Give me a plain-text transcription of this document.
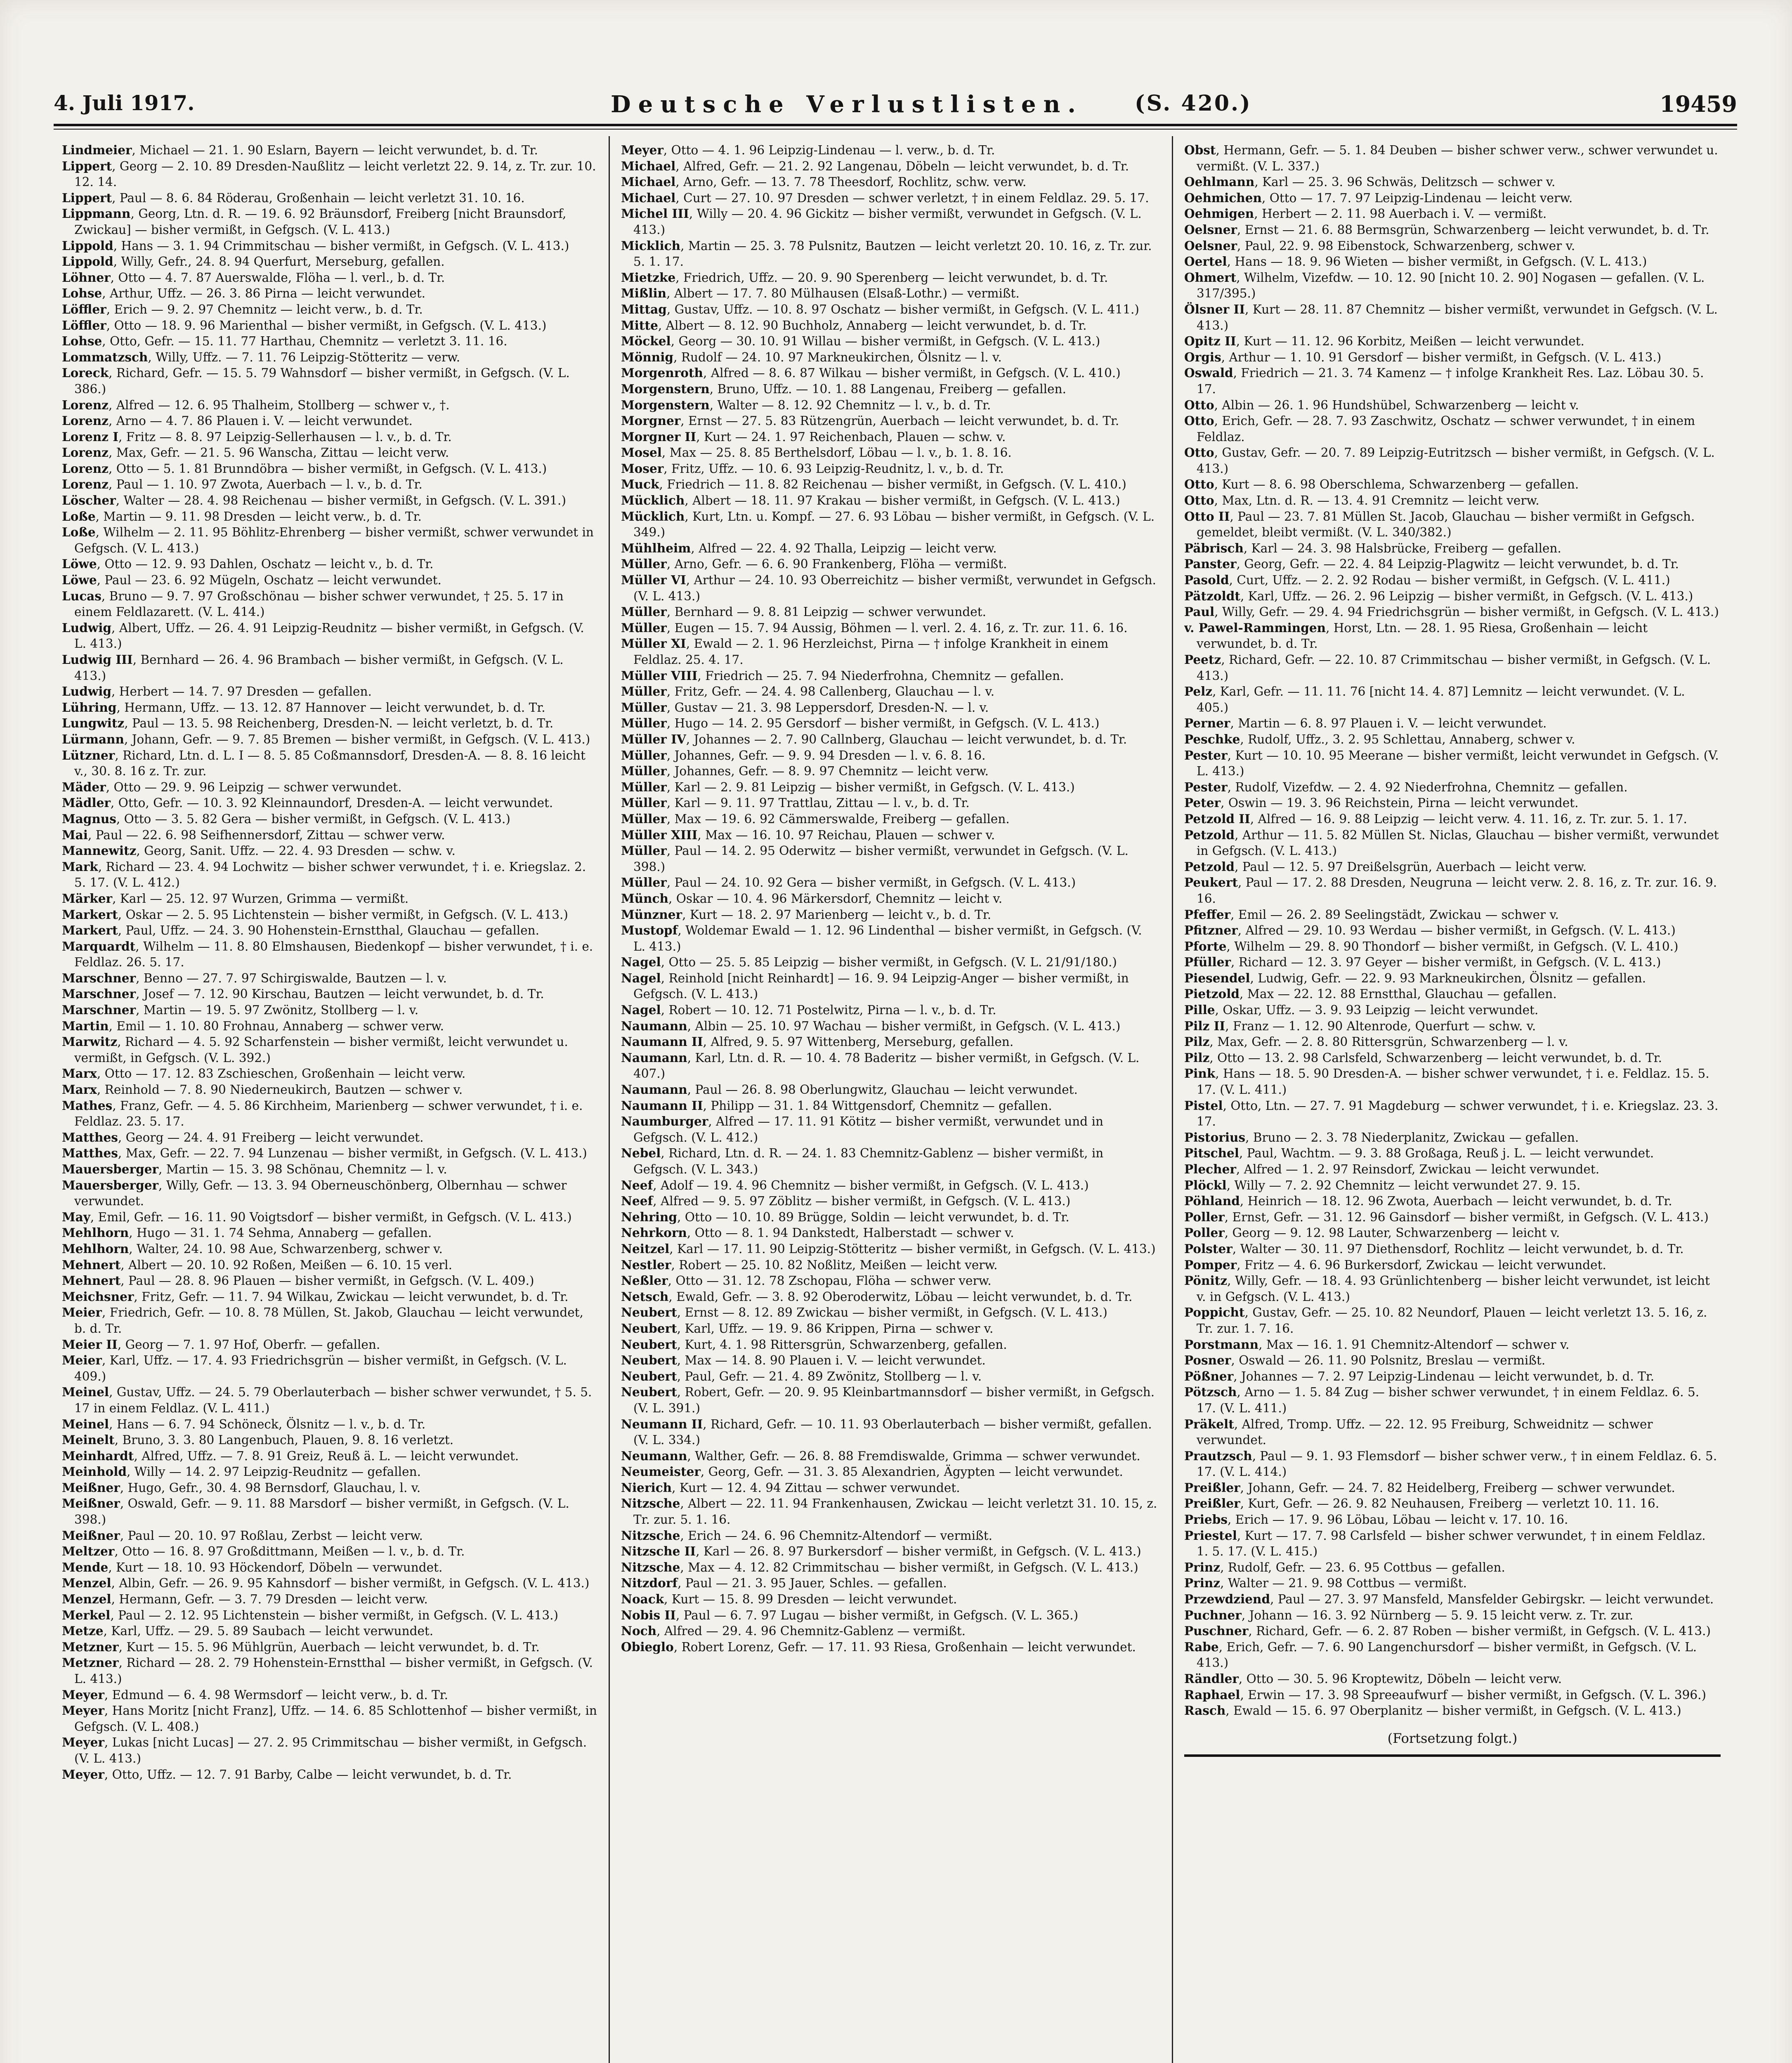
4. Juli 1917.	Deutsche Verlustlisten. (S. 420.)	19459

Lindmeier, Michael — 21. 1. 90 Eslarn, Bayern — leicht verwundet, b. d. Tr.

Lippert, Georg — 2. 10. 89 Dresden-Naußlitz — leicht verletzt 22. 9. 14, z. Tr. zur. 10. 12. 14.

Lippert, Paul — 8. 6. 84 Röderau, Großenhain — leicht verletzt 31. 10. 16.

Lippmann, Georg, Ltn. d. R. — 19. 6. 92 Bräunsdorf, Freiberg [nicht Braunsdorf, Zwickau] — bisher vermißt, in Gefgsch. (V. L. 413.)

Lippold, Hans — 3. 1. 94 Crimmitschau — bisher vermißt, in Gefgsch. (V. L. 413.)

Lippold, Willy, Gefr., 24. 8. 94 Querfurt, Merseburg, gefallen.

Löhner, Otto — 4. 7. 87 Auerswalde, Flöha — l. verl., b. d. Tr.

Lohse, Arthur, Uffz. — 26. 3. 86 Pirna — leicht verwundet.

Löffler, Erich — 9. 2. 97 Chemnitz — leicht verw., b. d. Tr.

Löffler, Otto — 18. 9. 96 Marienthal — bisher vermißt, in Gefgsch. (V. L. 413.)

Lohse, Otto, Gefr. — 15. 11. 77 Harthau, Chemnitz — verletzt 3. 11. 16.

Lommatzsch, Willy, Uffz. — 7. 11. 76 Leipzig-Stötteritz — verw.

Loreck, Richard, Gefr. — 15. 5. 79 Wahnsdorf — bisher vermißt, in Gefgsch. (V. L. 386.)

Lorenz, Alfred — 12. 6. 95 Thalheim, Stollberg — schwer v., †.

Lorenz, Arno — 4. 7. 86 Plauen i. V. — leicht verwundet.

Lorenz I, Fritz — 8. 8. 97 Leipzig-Sellerhausen — l. v., b. d. Tr.

Lorenz, Max, Gefr. — 21. 5. 96 Wanscha, Zittau — leicht verw.

Lorenz, Otto — 5. 1. 81 Brunndöbra — bisher vermißt, in Gefgsch. (V. L. 413.)

Lorenz, Paul — 1. 10. 97 Zwota, Auerbach — l. v., b. d. Tr.

Löscher, Walter — 28. 4. 98 Reichenau — bisher vermißt, in Gefgsch. (V. L. 391.)

Loße, Martin — 9. 11. 98 Dresden — leicht verw., b. d. Tr.

Loße, Wilhelm — 2. 11. 95 Böhlitz-Ehrenberg — bisher vermißt, schwer verwundet in Gefgsch. (V. L. 413.)

Löwe, Otto — 12. 9. 93 Dahlen, Oschatz — leicht v., b. d. Tr.

Löwe, Paul — 23. 6. 92 Mügeln, Oschatz — leicht verwundet.

Lucas, Bruno — 9. 7. 97 Großschönau — bisher schwer verwundet, † 25. 5. 17 in einem Feldlazarett. (V. L. 414.)

Ludwig, Albert, Uffz. — 26. 4. 91 Leipzig-Reudnitz — bisher vermißt, in Gefgsch. (V. L. 413.)

Ludwig III, Bernhard — 26. 4. 96 Brambach — bisher vermißt, in Gefgsch. (V. L. 413.)

Ludwig, Herbert — 14. 7. 97 Dresden — gefallen.

Lühring, Hermann, Uffz. — 13. 12. 87 Hannover — leicht verwundet, b. d. Tr.

Lungwitz, Paul — 13. 5. 98 Reichenberg, Dresden-N. — leicht verletzt, b. d. Tr.

Lürmann, Johann, Gefr. — 9. 7. 85 Bremen — bisher vermißt, in Gefgsch. (V. L. 413.)

Lützner, Richard, Ltn. d. L. I — 8. 5. 85 Coßmannsdorf, Dresden-A. — 8. 8. 16 leicht v., 30. 8. 16 z. Tr. zur.

Mäder, Otto — 29. 9. 96 Leipzig — schwer verwundet.

Mädler, Otto, Gefr. — 10. 3. 92 Kleinnaundorf, Dresden-A. — leicht verwundet.

Magnus, Otto — 3. 5. 82 Gera — bisher vermißt, in Gefgsch. (V. L. 413.)

Mai, Paul — 22. 6. 98 Seifhennersdorf, Zittau — schwer verw.

Mannewitz, Georg, Sanit. Uffz. — 22. 4. 93 Dresden — schw. v.

Mark, Richard — 23. 4. 94 Lochwitz — bisher schwer verwundet, † i. e. Kriegslaz. 2. 5. 17. (V. L. 412.)

Märker, Karl — 25. 12. 97 Wurzen, Grimma — vermißt.

Markert, Oskar — 2. 5. 95 Lichtenstein — bisher vermißt, in Gefgsch. (V. L. 413.)

Markert, Paul, Uffz. — 24. 3. 90 Hohenstein-Ernstthal, Glauchau — gefallen.

Marquardt, Wilhelm — 11. 8. 80 Elmshausen, Biedenkopf — bisher verwundet, † i. e. Feldlaz. 26. 5. 17.

Marschner, Benno — 27. 7. 97 Schirgiswalde, Bautzen — l. v.

Marschner, Josef — 7. 12. 90 Kirschau, Bautzen — leicht verwundet, b. d. Tr.

Marschner, Martin — 19. 5. 97 Zwönitz, Stollberg — l. v.

Martin, Emil — 1. 10. 80 Frohnau, Annaberg — schwer verw.

Marwitz, Richard — 4. 5. 92 Scharfenstein — bisher vermißt, leicht verwundet u. vermißt, in Gefgsch. (V. L. 392.)

Marx, Otto — 17. 12. 83 Zschieschen, Großenhain — leicht verw.

Marx, Reinhold — 7. 8. 90 Niederneukirch, Bautzen — schwer v.

Mathes, Franz, Gefr. — 4. 5. 86 Kirchheim, Marienberg — schwer verwundet, † i. e. Feldlaz. 23. 5. 17.

Matthes, Georg — 24. 4. 91 Freiberg — leicht verwundet.

Matthes, Max, Gefr. — 22. 7. 94 Lunzenau — bisher vermißt, in Gefgsch. (V. L. 413.)

Mauersberger, Martin — 15. 3. 98 Schönau, Chemnitz — l. v.

Mauersberger, Willy, Gefr. — 13. 3. 94 Oberneuschönberg, Olbernhau — schwer verwundet.

May, Emil, Gefr. — 16. 11. 90 Voigtsdorf — bisher vermißt, in Gefgsch. (V. L. 413.)

Mehlhorn, Hugo — 31. 1. 74 Sehma, Annaberg — gefallen.

Mehlhorn, Walter, 24. 10. 98 Aue, Schwarzenberg, schwer v.

Mehnert, Albert — 20. 10. 92 Roßen, Meißen — 6. 10. 15 verl.

Mehnert, Paul — 28. 8. 96 Plauen — bisher vermißt, in Gefgsch. (V. L. 409.)

Meichsner, Fritz, Gefr. — 11. 7. 94 Wilkau, Zwickau — leicht verwundet, b. d. Tr.

Meier, Friedrich, Gefr. — 10. 8. 78 Müllen, St. Jakob, Glauchau — leicht verwundet, b. d. Tr.

Meier II, Georg — 7. 1. 97 Hof, Oberfr. — gefallen.

Meier, Karl, Uffz. — 17. 4. 93 Friedrichsgrün — bisher vermißt, in Gefgsch. (V. L. 409.)

Meinel, Gustav, Uffz. — 24. 5. 79 Oberlauterbach — bisher schwer verwundet, † 5. 5. 17 in einem Feldlaz. (V. L. 411.)

Meinel, Hans — 6. 7. 94 Schöneck, Ölsnitz — l. v., b. d. Tr.

Meinelt, Bruno, 3. 3. 80 Langenbuch, Plauen, 9. 8. 16 verletzt.

Meinhardt, Alfred, Uffz. — 7. 8. 91 Greiz, Reuß ä. L. — leicht verwundet.

Meinhold, Willy — 14. 2. 97 Leipzig-Reudnitz — gefallen.

Meißner, Hugo, Gefr., 30. 4. 98 Bernsdorf, Glauchau, l. v.

Meißner, Oswald, Gefr. — 9. 11. 88 Marsdorf — bisher vermißt, in Gefgsch. (V. L. 398.)

Meißner, Paul — 20. 10. 97 Roßlau, Zerbst — leicht verw.

Meltzer, Otto — 16. 8. 97 Großdittmann, Meißen — l. v., b. d. Tr.

Mende, Kurt — 18. 10. 93 Höckendorf, Döbeln — verwundet.

Menzel, Albin, Gefr. — 26. 9. 95 Kahnsdorf — bisher vermißt, in Gefgsch. (V. L. 413.)

Menzel, Hermann, Gefr. — 3. 7. 79 Dresden — leicht verw.

Merkel, Paul — 2. 12. 95 Lichtenstein — bisher vermißt, in Gefgsch. (V. L. 413.)

Metze, Karl, Uffz. — 29. 5. 89 Saubach — leicht verwundet.

Metzner, Kurt — 15. 5. 96 Mühlgrün, Auerbach — leicht verwundet, b. d. Tr.

Metzner, Richard — 28. 2. 79 Hohenstein-Ernstthal — bisher vermißt, in Gefgsch. (V. L. 413.)

Meyer, Edmund — 6. 4. 98 Wermsdorf — leicht verw., b. d. Tr.

Meyer, Hans Moritz [nicht Franz], Uffz. — 14. 6. 85 Schlottenhof — bisher vermißt, in Gefgsch. (V. L. 408.)

Meyer, Lukas [nicht Lucas] — 27. 2. 95 Crimmitschau — bisher vermißt, in Gefgsch. (V. L. 413.)

Meyer, Otto, Uffz. — 12. 7. 91 Barby, Calbe — leicht verwundet, b. d. Tr.

Meyer, Otto — 4. 1. 96 Leipzig-Lindenau — l. verw., b. d. Tr.

Michael, Alfred, Gefr. — 21. 2. 92 Langenau, Döbeln — leicht verwundet, b. d. Tr.

Michael, Arno, Gefr. — 13. 7. 78 Theesdorf, Rochlitz, schw. verw.

Michael, Curt — 27. 10. 97 Dresden — schwer verletzt, † in einem Feldlaz. 29. 5. 17.

Michel III, Willy — 20. 4. 96 Gickitz — bisher vermißt, verwundet in Gefgsch. (V. L. 413.)

Micklich, Martin — 25. 3. 78 Pulsnitz, Bautzen — leicht verletzt 20. 10. 16, z. Tr. zur. 5. 1. 17.

Mietzke, Friedrich, Uffz. — 20. 9. 90 Sperenberg — leicht verwundet, b. d. Tr.

Mißlin, Albert — 17. 7. 80 Mülhausen (Elsaß-Lothr.) — vermißt.

Mittag, Gustav, Uffz. — 10. 8. 97 Oschatz — bisher vermißt, in Gefgsch. (V. L. 411.)

Mitte, Albert — 8. 12. 90 Buchholz, Annaberg — leicht verwundet, b. d. Tr.

Möckel, Georg — 30. 10. 91 Willau — bisher vermißt, in Gefgsch. (V. L. 413.)

Mönnig, Rudolf — 24. 10. 97 Markneukirchen, Ölsnitz — l. v.

Morgenroth, Alfred — 8. 6. 87 Wilkau — bisher vermißt, in Gefgsch. (V. L. 410.)

Morgenstern, Bruno, Uffz. — 10. 1. 88 Langenau, Freiberg — gefallen.

Morgenstern, Walter — 8. 12. 92 Chemnitz — l. v., b. d. Tr.

Morgner, Ernst — 27. 5. 83 Rützengrün, Auerbach — leicht verwundet, b. d. Tr.

Morgner II, Kurt — 24. 1. 97 Reichenbach, Plauen — schw. v.

Mosel, Max — 25. 8. 85 Berthelsdorf, Löbau — l. v., b. 1. 8. 16.

Moser, Fritz, Uffz. — 10. 6. 93 Leipzig-Reudnitz, l. v., b. d. Tr.

Muck, Friedrich — 11. 8. 82 Reichenau — bisher vermißt, in Gefgsch. (V. L. 410.)

Mücklich, Albert — 18. 11. 97 Krakau — bisher vermißt, in Gefgsch. (V. L. 413.)

Mücklich, Kurt, Ltn. u. Kompf. — 27. 6. 93 Löbau — bisher vermißt, in Gefgsch. (V. L. 349.)

Mühlheim, Alfred — 22. 4. 92 Thalla, Leipzig — leicht verw.

Müller, Arno, Gefr. — 6. 6. 90 Frankenberg, Flöha — vermißt.

Müller VI, Arthur — 24. 10. 93 Oberreichitz — bisher vermißt, verwundet in Gefgsch. (V. L. 413.)

Müller, Bernhard — 9. 8. 81 Leipzig — schwer verwundet.

Müller, Eugen — 15. 7. 94 Aussig, Böhmen — l. verl. 2. 4. 16, z. Tr. zur. 11. 6. 16.

Müller XI, Ewald — 2. 1. 96 Herzleichst, Pirna — † infolge Krankheit in einem Feldlaz. 25. 4. 17.

Müller VIII, Friedrich — 25. 7. 94 Niederfrohna, Chemnitz — gefallen.

Müller, Fritz, Gefr. — 24. 4. 98 Callenberg, Glauchau — l. v.

Müller, Gustav — 21. 3. 98 Leppersdorf, Dresden-N. — l. v.

Müller, Hugo — 14. 2. 95 Gersdorf — bisher vermißt, in Gefgsch. (V. L. 413.)

Müller IV, Johannes — 2. 7. 90 Callnberg, Glauchau — leicht verwundet, b. d. Tr.

Müller, Johannes, Gefr. — 9. 9. 94 Dresden — l. v. 6. 8. 16.

Müller, Johannes, Gefr. — 8. 9. 97 Chemnitz — leicht verw.

Müller, Karl — 2. 9. 81 Leipzig — bisher vermißt, in Gefgsch. (V. L. 413.)

Müller, Karl — 9. 11. 97 Trattlau, Zittau — l. v., b. d. Tr.

Müller, Max — 19. 6. 92 Cämmerswalde, Freiberg — gefallen.

Müller XIII, Max — 16. 10. 97 Reichau, Plauen — schwer v.

Müller, Paul — 14. 2. 95 Oderwitz — bisher vermißt, verwundet in Gefgsch. (V. L. 398.)

Müller, Paul — 24. 10. 92 Gera — bisher vermißt, in Gefgsch. (V. L. 413.)

Münch, Oskar — 10. 4. 96 Märkersdorf, Chemnitz — leicht v.

Münzner, Kurt — 18. 2. 97 Marienberg — leicht v., b. d. Tr.

Mustopf, Woldemar Ewald — 1. 12. 96 Lindenthal — bisher vermißt, in Gefgsch. (V. L. 413.)

Nagel, Otto — 25. 5. 85 Leipzig — bisher vermißt, in Gefgsch. (V. L. 21/91/180.)

Nagel, Reinhold [nicht Reinhardt] — 16. 9. 94 Leipzig-Anger — bisher vermißt, in Gefgsch. (V. L. 413.)

Nagel, Robert — 10. 12. 71 Postelwitz, Pirna — l. v., b. d. Tr.

Naumann, Albin — 25. 10. 97 Wachau — bisher vermißt, in Gefgsch. (V. L. 413.)

Naumann II, Alfred, 9. 5. 97 Wittenberg, Merseburg, gefallen.

Naumann, Karl, Ltn. d. R. — 10. 4. 78 Baderitz — bisher vermißt, in Gefgsch. (V. L. 407.)

Naumann, Paul — 26. 8. 98 Oberlungwitz, Glauchau — leicht verwundet.

Naumann II, Philipp — 31. 1. 84 Wittgensdorf, Chemnitz — gefallen.

Naumburger, Alfred — 17. 11. 91 Kötitz — bisher vermißt, verwundet und in Gefgsch. (V. L. 412.)

Nebel, Richard, Ltn. d. R. — 24. 1. 83 Chemnitz-Gablenz — bisher vermißt, in Gefgsch. (V. L. 343.)

Neef, Adolf — 19. 4. 96 Chemnitz — bisher vermißt, in Gefgsch. (V. L. 413.)

Neef, Alfred — 9. 5. 97 Zöblitz — bisher vermißt, in Gefgsch. (V. L. 413.)

Nehring, Otto — 10. 10. 89 Brügge, Soldin — leicht verwundet, b. d. Tr.

Nehrkorn, Otto — 8. 1. 94 Dankstedt, Halberstadt — schwer v.

Neitzel, Karl — 17. 11. 90 Leipzig-Stötteritz — bisher vermißt, in Gefgsch. (V. L. 413.)

Nestler, Robert — 25. 10. 82 Noßlitz, Meißen — leicht verw.

Neßler, Otto — 31. 12. 78 Zschopau, Flöha — schwer verw.

Netsch, Ewald, Gefr. — 3. 8. 92 Oberoderwitz, Löbau — leicht verwundet, b. d. Tr.

Neubert, Ernst — 8. 12. 89 Zwickau — bisher vermißt, in Gefgsch. (V. L. 413.)

Neubert, Karl, Uffz. — 19. 9. 86 Krippen, Pirna — schwer v.

Neubert, Kurt, 4. 1. 98 Rittersgrün, Schwarzenberg, gefallen.

Neubert, Max — 14. 8. 90 Plauen i. V. — leicht verwundet.

Neubert, Paul, Gefr. — 21. 4. 89 Zwönitz, Stollberg — l. v.

Neubert, Robert, Gefr. — 20. 9. 95 Kleinbartmannsdorf — bisher vermißt, in Gefgsch. (V. L. 391.)

Neumann II, Richard, Gefr. — 10. 11. 93 Oberlauterbach — bisher vermißt, gefallen. (V. L. 334.)

Neumann, Walther, Gefr. — 26. 8. 88 Fremdiswalde, Grimma — schwer verwundet.

Neumeister, Georg, Gefr. — 31. 3. 85 Alexandrien, Ägypten — leicht verwundet.

Nierich, Kurt — 12. 4. 94 Zittau — schwer verwundet.

Nitzsche, Albert — 22. 11. 94 Frankenhausen, Zwickau — leicht verletzt 31. 10. 15, z. Tr. zur. 5. 1. 16.

Nitzsche, Erich — 24. 6. 96 Chemnitz-Altendorf — vermißt.

Nitzsche II, Karl — 26. 8. 97 Burkersdorf — bisher vermißt, in Gefgsch. (V. L. 413.)

Nitzsche, Max — 4. 12. 82 Crimmitschau — bisher vermißt, in Gefgsch. (V. L. 413.)

Nitzdorf, Paul — 21. 3. 95 Jauer, Schles. — gefallen.

Noack, Kurt — 15. 8. 99 Dresden — leicht verwundet.

Nobis II, Paul — 6. 7. 97 Lugau — bisher vermißt, in Gefgsch. (V. L. 365.)

Noch, Alfred — 29. 4. 96 Chemnitz-Gablenz — vermißt.

Obieglo, Robert Lorenz, Gefr. — 17. 11. 93 Riesa, Großenhain — leicht verwundet.

Obst, Hermann, Gefr. — 5. 1. 84 Deuben — bisher schwer verw., schwer verwundet u. vermißt. (V. L. 337.)

Oehlmann, Karl — 25. 3. 96 Schwäs, Delitzsch — schwer v.

Oehmichen, Otto — 17. 7. 97 Leipzig-Lindenau — leicht verw.

Oehmigen, Herbert — 2. 11. 98 Auerbach i. V. — vermißt.

Oelsner, Ernst — 21. 6. 88 Bermsgrün, Schwarzenberg — leicht verwundet, b. d. Tr.

Oelsner, Paul, 22. 9. 98 Eibenstock, Schwarzenberg, schwer v.

Oertel, Hans — 18. 9. 96 Wieten — bisher vermißt, in Gefgsch. (V. L. 413.)

Ohmert, Wilhelm, Vizefdw. — 10. 12. 90 [nicht 10. 2. 90] Nogasen — gefallen. (V. L. 317/395.)

Ölsner II, Kurt — 28. 11. 87 Chemnitz — bisher vermißt, verwundet in Gefgsch. (V. L. 413.)

Opitz II, Kurt — 11. 12. 96 Korbitz, Meißen — leicht verwundet.

Orgis, Arthur — 1. 10. 91 Gersdorf — bisher vermißt, in Gefgsch. (V. L. 413.)

Oswald, Friedrich — 21. 3. 74 Kamenz — † infolge Krankheit Res. Laz. Löbau 30. 5. 17.

Otto, Albin — 26. 1. 96 Hundshübel, Schwarzenberg — leicht v.

Otto, Erich, Gefr. — 28. 7. 93 Zaschwitz, Oschatz — schwer verwundet, † in einem Feldlaz.

Otto, Gustav, Gefr. — 20. 7. 89 Leipzig-Eutritzsch — bisher vermißt, in Gefgsch. (V. L. 413.)

Otto, Kurt — 8. 6. 98 Oberschlema, Schwarzenberg — gefallen.

Otto, Max, Ltn. d. R. — 13. 4. 91 Cremnitz — leicht verw.

Otto II, Paul — 23. 7. 81 Müllen St. Jacob, Glauchau — bisher vermißt in Gefgsch. gemeldet, bleibt vermißt. (V. L. 340/382.)

Päbrisch, Karl — 24. 3. 98 Halsbrücke, Freiberg — gefallen.

Panster, Georg, Gefr. — 22. 4. 84 Leipzig-Plagwitz — leicht verwundet, b. d. Tr.

Pasold, Curt, Uffz. — 2. 2. 92 Rodau — bisher vermißt, in Gefgsch. (V. L. 411.)

Pätzoldt, Karl, Uffz. — 26. 2. 96 Leipzig — bisher vermißt, in Gefgsch. (V. L. 413.)

Paul, Willy, Gefr. — 29. 4. 94 Friedrichsgrün — bisher vermißt, in Gefgsch. (V. L. 413.)

v. Pawel-Rammingen, Horst, Ltn. — 28. 1. 95 Riesa, Großenhain — leicht verwundet, b. d. Tr.

Peetz, Richard, Gefr. — 22. 10. 87 Crimmitschau — bisher vermißt, in Gefgsch. (V. L. 413.)

Pelz, Karl, Gefr. — 11. 11. 76 [nicht 14. 4. 87] Lemnitz — leicht verwundet. (V. L. 405.)

Perner, Martin — 6. 8. 97 Plauen i. V. — leicht verwundet.

Peschke, Rudolf, Uffz., 3. 2. 95 Schlettau, Annaberg, schwer v.

Pester, Kurt — 10. 10. 95 Meerane — bisher vermißt, leicht verwundet in Gefgsch. (V. L. 413.)

Pester, Rudolf, Vizefdw. — 2. 4. 92 Niederfrohna, Chemnitz — gefallen.

Peter, Oswin — 19. 3. 96 Reichstein, Pirna — leicht verwundet.

Petzold II, Alfred — 16. 9. 88 Leipzig — leicht verw. 4. 11. 16, z. Tr. zur. 5. 1. 17.

Petzold, Arthur — 11. 5. 82 Müllen St. Niclas, Glauchau — bisher vermißt, verwundet in Gefgsch. (V. L. 413.)

Petzold, Paul — 12. 5. 97 Dreißelsgrün, Auerbach — leicht verw.

Peukert, Paul — 17. 2. 88 Dresden, Neugruna — leicht verw. 2. 8. 16, z. Tr. zur. 16. 9. 16.

Pfeffer, Emil — 26. 2. 89 Seelingstädt, Zwickau — schwer v.

Pfitzner, Alfred — 29. 10. 93 Werdau — bisher vermißt, in Gefgsch. (V. L. 413.)

Pforte, Wilhelm — 29. 8. 90 Thondorf — bisher vermißt, in Gefgsch. (V. L. 410.)

Pfüller, Richard — 12. 3. 97 Geyer — bisher vermißt, in Gefgsch. (V. L. 413.)

Piesendel, Ludwig, Gefr. — 22. 9. 93 Markneukirchen, Ölsnitz — gefallen.

Pietzold, Max — 22. 12. 88 Ernstthal, Glauchau — gefallen.

Pille, Oskar, Uffz. — 3. 9. 93 Leipzig — leicht verwundet.

Pilz II, Franz — 1. 12. 90 Altenrode, Querfurt — schw. v.

Pilz, Max, Gefr. — 2. 8. 80 Rittersgrün, Schwarzenberg — l. v.

Pilz, Otto — 13. 2. 98 Carlsfeld, Schwarzenberg — leicht verwundet, b. d. Tr.

Pink, Hans — 18. 5. 90 Dresden-A. — bisher schwer verwundet, † i. e. Feldlaz. 15. 5. 17. (V. L. 411.)

Pistel, Otto, Ltn. — 27. 7. 91 Magdeburg — schwer verwundet, † i. e. Kriegslaz. 23. 3. 17.

Pistorius, Bruno — 2. 3. 78 Niederplanitz, Zwickau — gefallen.

Pitschel, Paul, Wachtm. — 9. 3. 88 Großaga, Reuß j. L. — leicht verwundet.

Plecher, Alfred — 1. 2. 97 Reinsdorf, Zwickau — leicht verwundet.

Plöckl, Willy — 7. 2. 92 Chemnitz — leicht verwundet 27. 9. 15.

Pöhland, Heinrich — 18. 12. 96 Zwota, Auerbach — leicht verwundet, b. d. Tr.

Poller, Ernst, Gefr. — 31. 12. 96 Gainsdorf — bisher vermißt, in Gefgsch. (V. L. 413.)

Poller, Georg — 9. 12. 98 Lauter, Schwarzenberg — leicht v.

Polster, Walter — 30. 11. 97 Diethensdorf, Rochlitz — leicht verwundet, b. d. Tr.

Pomper, Fritz — 4. 6. 96 Burkersdorf, Zwickau — leicht verwundet.

Pönitz, Willy, Gefr. — 18. 4. 93 Grünlichtenberg — bisher leicht verwundet, ist leicht v. in Gefgsch. (V. L. 413.)

Poppicht, Gustav, Gefr. — 25. 10. 82 Neundorf, Plauen — leicht verletzt 13. 5. 16, z. Tr. zur. 1. 7. 16.

Porstmann, Max — 16. 1. 91 Chemnitz-Altendorf — schwer v.

Posner, Oswald — 26. 11. 90 Polsnitz, Breslau — vermißt.

Pößner, Johannes — 7. 2. 97 Leipzig-Lindenau — leicht verwundet, b. d. Tr.

Pötzsch, Arno — 1. 5. 84 Zug — bisher schwer verwundet, † in einem Feldlaz. 6. 5. 17. (V. L. 411.)

Präkelt, Alfred, Tromp. Uffz. — 22. 12. 95 Freiburg, Schweidnitz — schwer verwundet.

Prautzsch, Paul — 9. 1. 93 Flemsdorf — bisher schwer verw., † in einem Feldlaz. 6. 5. 17. (V. L. 414.)

Preißler, Johann, Gefr. — 24. 7. 82 Heidelberg, Freiberg — schwer verwundet.

Preißler, Kurt, Gefr. — 26. 9. 82 Neuhausen, Freiberg — verletzt 10. 11. 16.

Priebs, Erich — 17. 9. 96 Löbau, Löbau — leicht v. 17. 10. 16.

Priestel, Kurt — 17. 7. 98 Carlsfeld — bisher schwer verwundet, † in einem Feldlaz. 1. 5. 17. (V. L. 415.)

Prinz, Rudolf, Gefr. — 23. 6. 95 Cottbus — gefallen.

Prinz, Walter — 21. 9. 98 Cottbus — vermißt.

Przewdziend, Paul — 27. 3. 97 Mansfeld, Mansfelder Gebirgskr. — leicht verwundet.

Puchner, Johann — 16. 3. 92 Nürnberg — 5. 9. 15 leicht verw. z. Tr. zur.

Puschner, Richard, Gefr. — 6. 2. 87 Roben — bisher vermißt, in Gefgsch. (V. L. 413.)

Rabe, Erich, Gefr. — 7. 6. 90 Langenchursdorf — bisher vermißt, in Gefgsch. (V. L. 413.)

Rändler, Otto — 30. 5. 96 Kroptewitz, Döbeln — leicht verw.

Raphael, Erwin — 17. 3. 98 Spreeaufwurf — bisher vermißt, in Gefgsch. (V. L. 396.)

Rasch, Ewald — 15. 6. 97 Oberplanitz — bisher vermißt, in Gefgsch. (V. L. 413.)

(Fortsetzung folgt.)
